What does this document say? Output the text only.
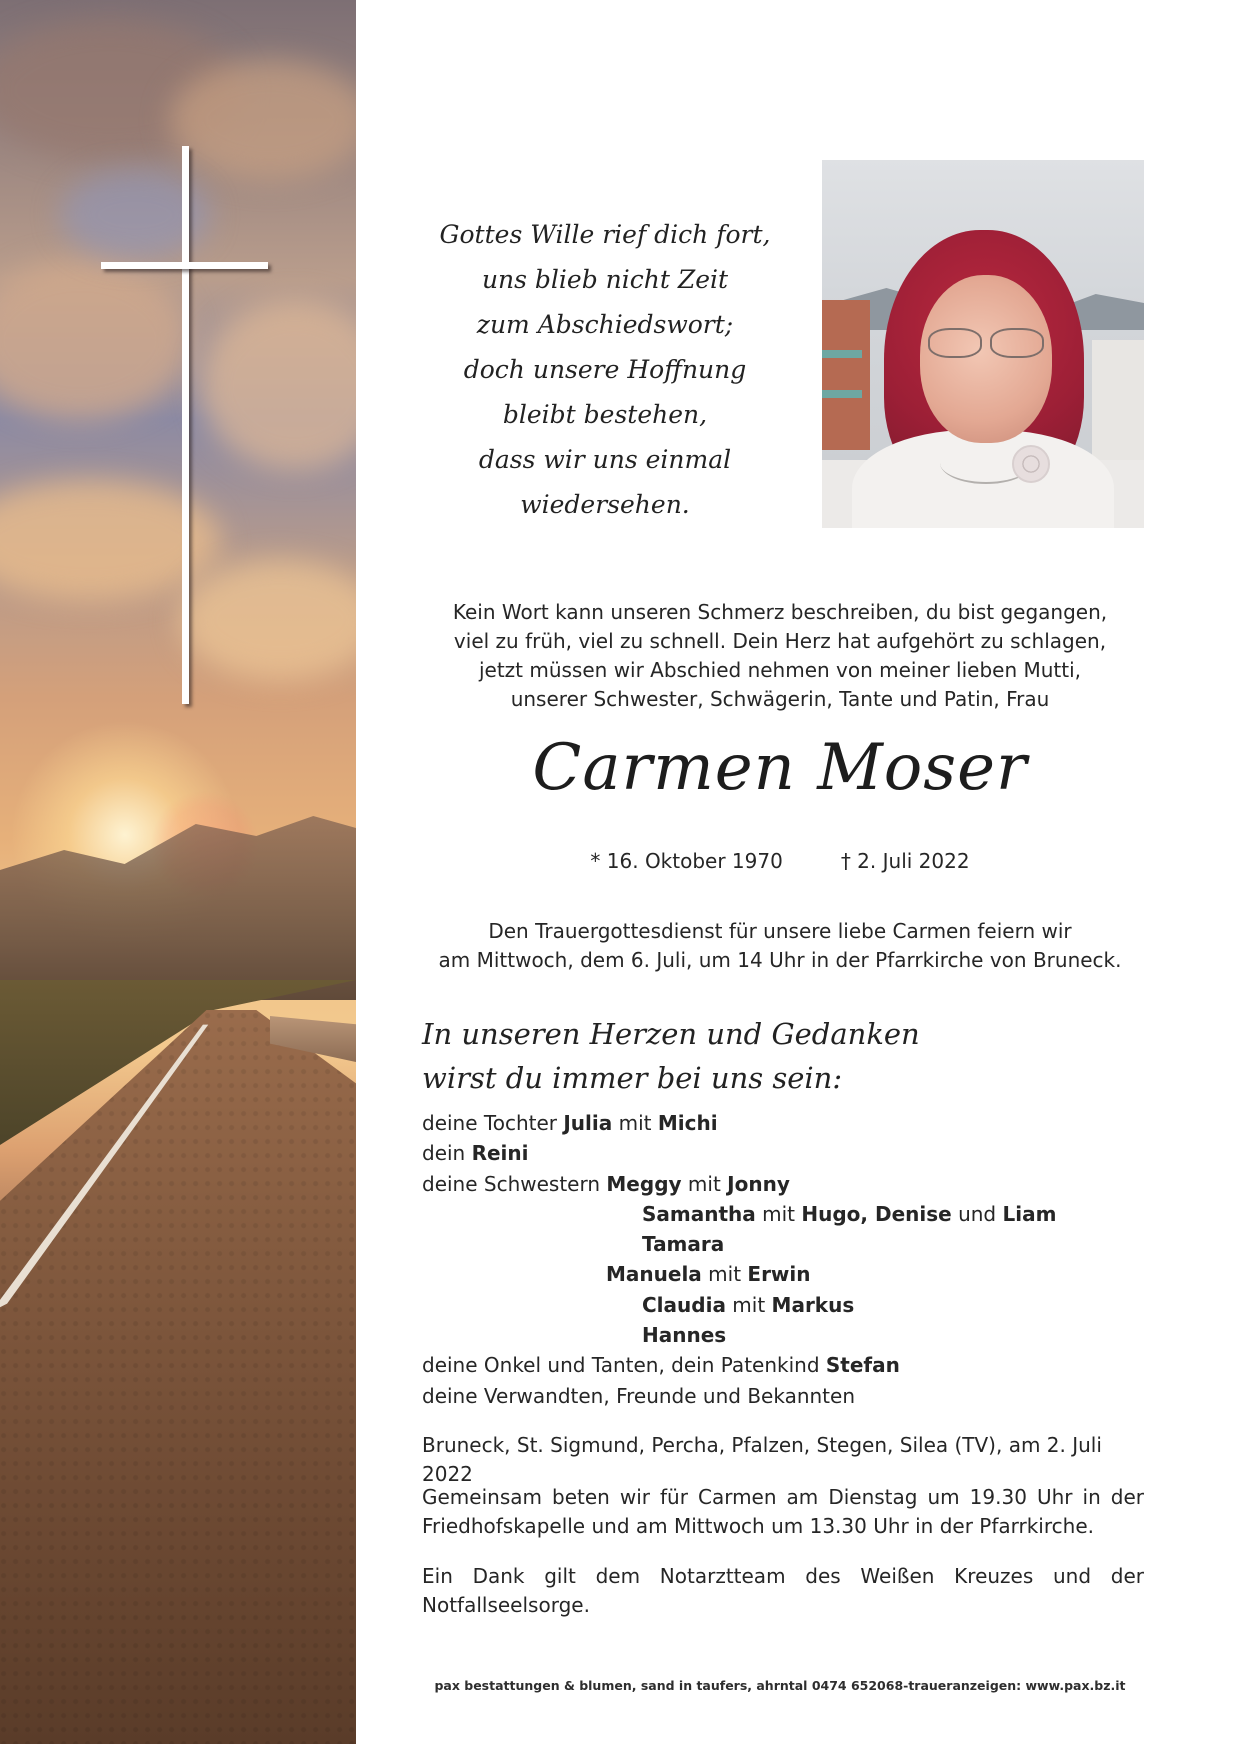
Gottes Wille rief dich fort,
uns blieb nicht Zeit
zum Abschiedswort;
doch unsere Hoffnung
bleibt bestehen,
dass wir uns einmal wiedersehen.
Kein Wort kann unseren Schmerz beschreiben, du bist gegangen,
viel zu früh, viel zu schnell. Dein Herz hat aufgehört zu schlagen,
jetzt müssen wir Abschied nehmen von meiner lieben Mutti,
unserer Schwester, Schwägerin, Tante und Patin, Frau
Carmen Moser
* 16. Oktober 1970	† 2. Juli 2022
Den Trauergottesdienst für unsere liebe Carmen feiern wir
am Mittwoch, dem 6. Juli, um 14 Uhr in der Pfarrkirche von Bruneck.
In unseren Herzen und Gedanken
wirst du immer bei uns sein:
deine Tochter Julia mit Michi
dein Reini
deine Schwestern Meggy mit Jonny
Samantha mit Hugo, Denise und Liam
Tamara
Manuela mit Erwin
Claudia mit Markus
Hannes
deine Onkel und Tanten, dein Patenkind Stefan
deine Verwandten, Freunde und Bekannten
Bruneck, St. Sigmund, Percha, Pfalzen, Stegen, Silea (TV), am 2. Juli 2022
Gemeinsam beten wir für Carmen am Dienstag um 19.30 Uhr in der
Friedhofskapelle und am Mittwoch um 13.30 Uhr in der Pfarrkirche.
Ein Dank gilt dem Notarztteam des Weißen Kreuzes und der
Notfallseelsorge.
pax bestattungen & blumen, sand in taufers, ahrntal 0474 652068-traueranzeigen: www.pax.bz.it
